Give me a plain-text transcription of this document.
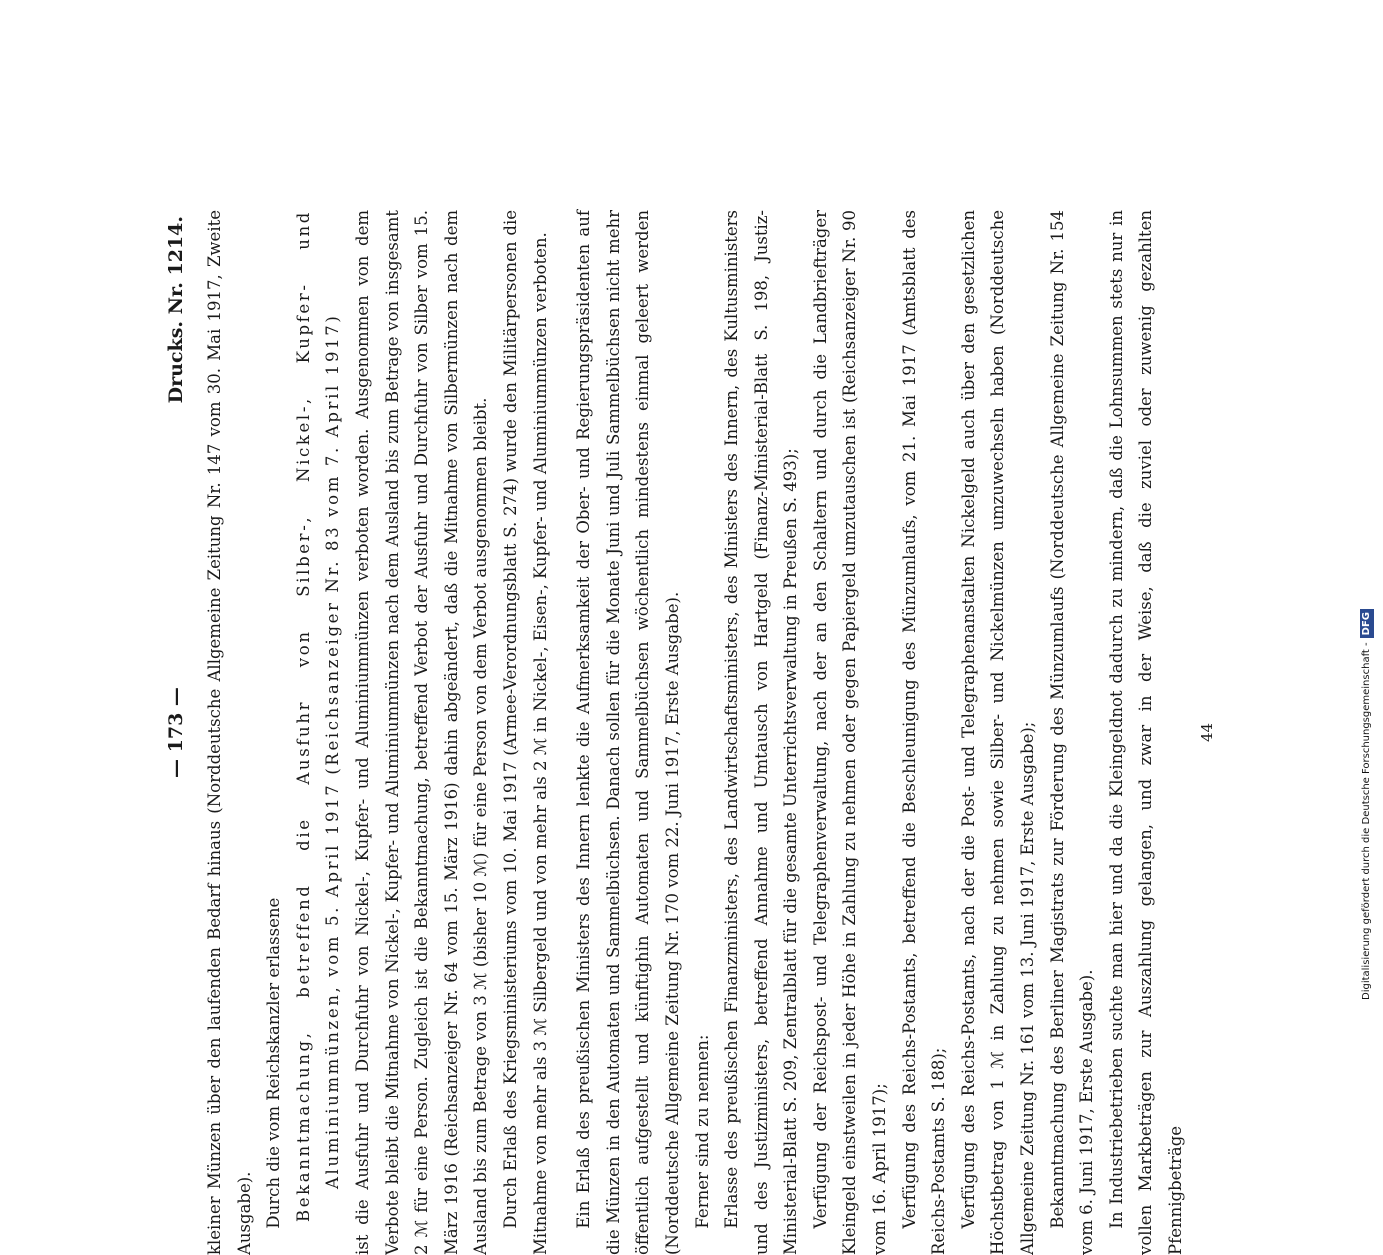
— 173 —
Drucks. Nr. 1214.	kleiner Münzen über den laufenden Bedarf hinaus (Norddeutsche Allgemeine Zeitung Nr. 147 vom 30. Mai 1917, Zweite Ausgabe). Durch die vom Reichskanzler erlassene Bekanntmachung, betreffend die Ausfuhr von Silber-, Nickel-, Kupfer- und Aluminiummünzen, vom 5. April 1917 (Reichsanzeiger Nr. 83 vom 7. April 1917) ist die Ausfuhr und Durchfuhr von Nickel-, Kupfer- und Aluminiummünzen verboten worden. Ausgenommen von dem Verbote bleibt die Mitnahme von Nickel-, Kupfer- und Aluminiummünzen nach dem Ausland bis zum Betrage von insgesamt 2 ℳ für eine Person. Zugleich ist die Bekanntmachung, betreffend Verbot der Ausfuhr und Durchfuhr von Silber vom 15. März 1916 (Reichsanzeiger Nr. 64 vom 15. März 1916) dahin abgeändert, daß die Mitnahme von Silbermünzen nach dem Ausland bis zum Betrage von 3 ℳ (bisher 10 ℳ) für eine Person von dem Verbot ausgenommen bleibt. Durch Erlaß des Kriegsministeriums vom 10. Mai 1917 (Armee-Verordnungsblatt S. 274) wurde den Militärpersonen die Mitnahme von mehr als 3 ℳ Silbergeld und von mehr als 2 ℳ in Nickel-, Eisen-, Kupfer- und Aluminiummünzen verboten.	Ein Erlaß des preußischen Ministers des Innern lenkte die Aufmerksamkeit der Ober- und Regierungspräsidenten auf die Münzen in den Automaten und Sammelbüchsen. Danach sollen für die Monate Juni und Juli Sammelbüchsen nicht mehr öffentlich aufgestellt und künftighin Automaten und Sammelbüchsen wöchentlich mindestens einmal geleert werden (Norddeutsche Allgemeine Zeitung Nr. 170 vom 22. Juni 1917, Erste Ausgabe). Ferner sind zu nennen: Erlasse des preußischen Finanzministers, des Landwirtschaftsministers, des Ministers des Innern, des Kultusministers und des Justizministers, betreffend Annahme und Umtausch von Hartgeld (Finanz-Ministerial-Blatt S. 198, Justiz-Ministerial-Blatt S. 209, Zentralblatt für die gesamte Unterrichtsverwaltung in Preußen S. 493); Verfügung der Reichspost- und Telegraphenverwaltung, nach der an den Schaltern und durch die Landbriefträger Kleingeld einstweilen in jeder Höhe in Zahlung zu nehmen oder gegen Papiergeld umzutauschen ist (Reichsanzeiger Nr. 90 vom 16. April 1917); Verfügung des Reichs-Postamts, betreffend die Beschleunigung des Münzumlaufs, vom 21. Mai 1917 (Amtsblatt des Reichs-Postamts S. 188); Verfügung des Reichs-Postamts, nach der die Post- und Telegraphenanstalten Nickelgeld auch über den gesetzlichen Höchstbetrag von 1 ℳ in Zahlung zu nehmen sowie Silber- und Nickelmünzen umzuwechseln haben (Norddeutsche Allgemeine Zeitung Nr. 161 vom 13. Juni 1917, Erste Ausgabe); Bekanntmachung des Berliner Magistrats zur Förderung des Münzumlaufs (Norddeutsche Allgemeine Zeitung Nr. 154 vom 6. Juni 1917, Erste Ausgabe). In Industriebetrieben suchte man hier und da die Kleingeldnot dadurch zu mindern, daß die Lohnsummen stets nur in vollen Markbeträgen zur Auszahlung gelangen, und zwar in der Weise, daß die zuviel oder zuwenig gezahlten Pfennigbeträge

44	Digitalisierung gefördert durch die Deutsche Forschungsgemeinschaft -DFG
